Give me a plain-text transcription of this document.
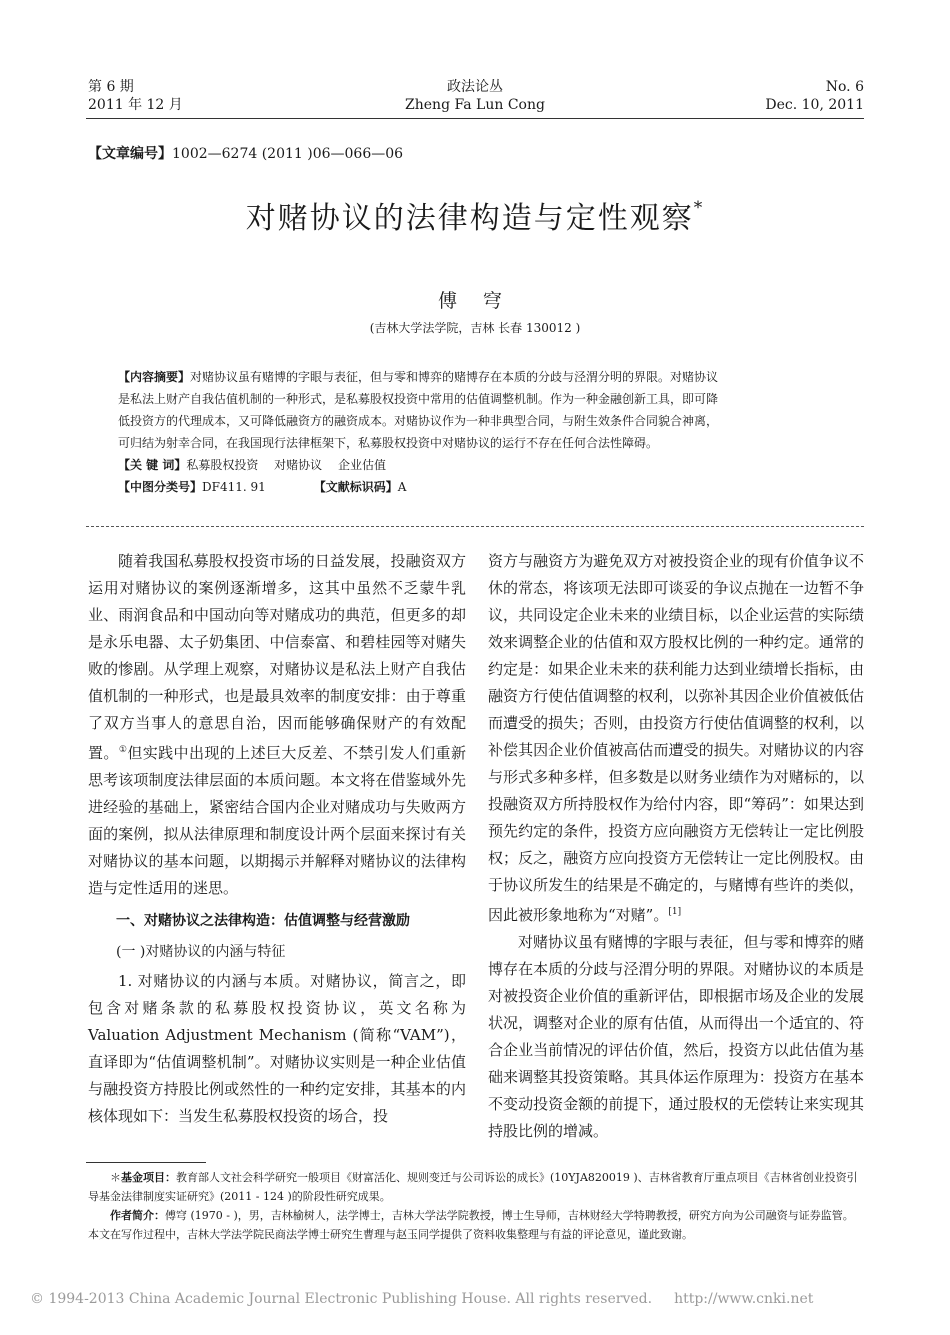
第 6 期
2011 年 12 月
政法论丛
Zheng Fa Lun Cong
No. 6
Dec. 10, 2011
【文章编号】1002—6274 (2011 )06—066—06
对赌协议的法律构造与定性观察*
傅 穹
(吉林大学法学院，吉林 长春 130012 )
【内容摘要】对赌协议虽有赌博的字眼与表征，但与零和博弈的赌博存在本质的分歧与泾渭分明的界限。对赌协议
是私法上财产自我估值机制的一种形式，是私募股权投资中常用的估值调整机制。作为一种金融创新工具，即可降
低投资方的代理成本，又可降低融资方的融资成本。对赌协议作为一种非典型合同，与附生效条件合同貌合神离，
可归结为射幸合同，在我国现行法律框架下，私募股权投资中对赌协议的运行不存在任何合法性障碍。
【关 键 词】私募股权投资　 对赌协议　 企业估值
【中图分类号】DF411. 91	【文献标识码】A

随着我国私募股权投资市场的日益发展，投融资双方运用对赌协议的案例逐渐增多，这其中虽然不乏蒙牛乳业、雨润食品和中国动向等对赌成功的典范，但更多的却是永乐电器、太子奶集团、中信泰富、和碧桂园等对赌失败的惨剧。从学理上观察，对赌协议是私法上财产自我估值机制的一种形式，也是最具效率的制度安排：由于尊重了双方当事人的意思自治，因而能够确保财产的有效配置。①但实践中出现的上述巨大反差、不禁引发人们重新思考该项制度法律层面的本质问题。本文将在借鉴域外先进经验的基础上，紧密结合国内企业对赌成功与失败两方面的案例，拟从法律原理和制度设计两个层面来探讨有关对赌协议的基本问题，以期揭示并解释对赌协议的法律构造与定性适用的迷思。

一、对赌协议之法律构造：估值调整与经营激励

(一 )对赌协议的内涵与特征

1. 对赌协议的内涵与本质。对赌协议，简言之，即包含对赌条款的私募股权投资协议，英文名称为 Valuation Adjustment Mechanism (简称“VAM”)，直译即为“估值调整机制”。对赌协议实则是一种企业估值与融投资方持股比例或然性的一种约定安排，其基本的内核体现如下：当发生私募股权投资的场合，投

资方与融资方为避免双方对被投资企业的现有价值争议不休的常态，将该项无法即可谈妥的争议点抛在一边暂不争议，共同设定企业未来的业绩目标，以企业运营的实际绩效来调整企业的估值和双方股权比例的一种约定。通常的约定是：如果企业未来的获利能力达到业绩增长指标，由融资方行使估值调整的权利，以弥补其因企业价值被低估而遭受的损失；否则，由投资方行使估值调整的权利，以补偿其因企业价值被高估而遭受的损失。对赌协议的内容与形式多种多样，但多数是以财务业绩作为对赌标的，以投融资双方所持股权作为给付内容，即“筹码”：如果达到预先约定的条件，投资方应向融资方无偿转让一定比例股权；反之，融资方应向投资方无偿转让一定比例股权。由于协议所发生的结果是不确定的，与赌博有些许的类似，因此被形象地称为“对赌”。[1]

对赌协议虽有赌博的字眼与表征，但与零和博弈的赌博存在本质的分歧与泾渭分明的界限。对赌协议的本质是对被投资企业价值的重新评估，即根据市场及企业的发展状况，调整对企业的原有估值，从而得出一个适宜的、符合企业当前情况的评估价值，然后，投资方以此估值为基础来调整其投资策略。其具体运作原理为：投资方在基本不变动投资金额的前提下，通过股权的无偿转让来实现其持股比例的增减。

＊基金项目：教育部人文社会科学研究一般项目《财富活化、规则变迁与公司诉讼的成长》(10YJA820019 )、吉林省教育厅重点项目《吉林省创业投资引导基金法律制度实证研究》(2011 - 124 )的阶段性研究成果。
作者简介：傅穹 (1970 - )，男，吉林榆树人，法学博士，吉林大学法学院教授，博士生导师，吉林财经大学特聘教授，研究方向为公司融资与证券监管。本文在写作过程中，吉林大学法学院民商法学博士研究生曹理与赵玉同学提供了资料收集整理与有益的评论意见，谨此致谢。
© 1994-2013 China Academic Journal Electronic Publishing House. All rights reserved. http://www.cnki.net
